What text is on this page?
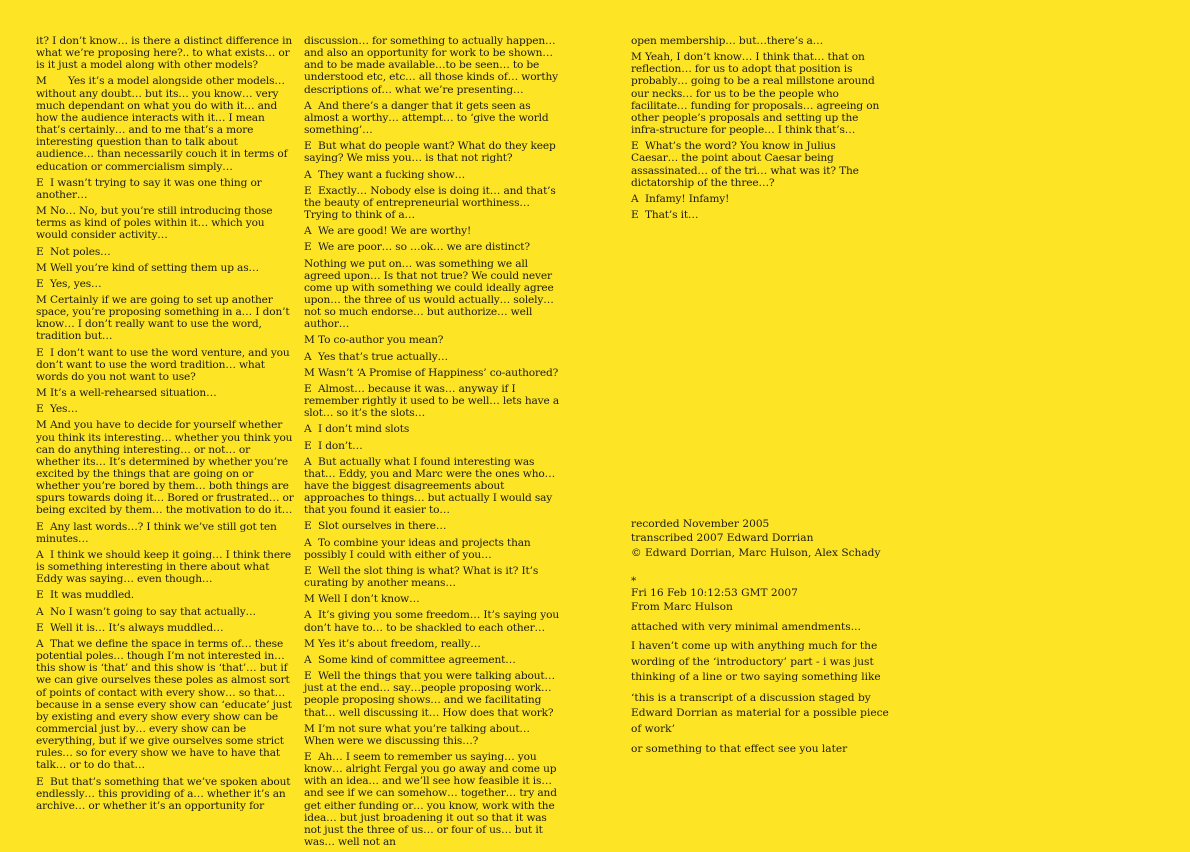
it? I don’t know… is there a distinct difference in what we’re proposing here?.. to what exists… or is it just a model along with other models?
M Yes it’s a model alongside other models… without any doubt… but its… you know… very much dependant on what you do with it… and how the audience interacts with it… I mean that’s certainly… and to me that’s a more interesting question than to talk about audience… than necessarily couch it in terms of education or commercialism simply…
E I wasn’t trying to say it was one thing or another…
M No… No, but you’re still introducing those terms as kind of poles within it… which you would consider activity…
E Not poles…
M Well you’re kind of setting them up as…
E Yes, yes…
M Certainly if we are going to set up another space, you’re proposing something in a… I don’t know… I don’t really want to use the word, tradition but…
E I don’t want to use the word venture, and you don’t want to use the word tradition… what words do you not want to use?
M It’s a well-rehearsed situation…
E Yes…
M And you have to decide for yourself whether you think its interesting… whether you think you can do anything interesting… or not… or whether its… It’s determined by whether you’re excited by the things that are going on or whether you’re bored by them… both things are spurs towards doing it… Bored or frustrated… or being excited by them… the motivation to do it…
E Any last words…? I think we’ve still got ten minutes…
A I think we should keep it going… I think there is something interesting in there about what Eddy was saying… even though…
E It was muddled.
A No I wasn’t going to say that actually…
E Well it is… It’s always muddled…
A That we define the space in terms of… these potential poles… though I’m not interested in… this show is ‘that’ and this show is ‘that’… but if we can give ourselves these poles as almost sort of points of contact with every show… so that… because in a sense every show can ‘educate’ just by existing and every show every show can be commercial just by… every show can be everything, but if we give ourselves some strict rules… so for every show we have to have that talk… or to do that…
E But that’s something that we’ve spoken about endlessly… this providing of a… whether it’s an archive… or whether it’s an opportunity for
discussion… for something to actually happen… and also an opportunity for work to be shown… and to be made available…to be seen… to be understood etc, etc… all those kinds of… worthy descriptions of… what we’re presenting…
A And there’s a danger that it gets seen as almost a worthy… attempt… to ‘give the world something’…
E But what do people want? What do they keep saying? We miss you… is that not right?
A They want a fucking show…
E Exactly… Nobody else is doing it… and that’s the beauty of entrepreneurial worthiness… Trying to think of a…
A We are good! We are worthy!
E We are poor… so …ok… we are distinct?
Nothing we put on… was something we all agreed upon… Is that not true? We could never come up with something we could ideally agree upon… the three of us would actually… solely… not so much endorse… but authorize… well author…
M To co-author you mean?
A Yes that’s true actually…
M Wasn’t ‘A Promise of Happiness’ co-authored?
E Almost… because it was… anyway if I remember rightly it used to be well… lets have a slot… so it’s the slots…
A I don’t mind slots
E I don’t…
A But actually what I found interesting was that… Eddy, you and Marc were the ones who… have the biggest disagreements about approaches to things… but actually I would say that you found it easier to…
E Slot ourselves in there…
A To combine your ideas and projects than possibly I could with either of you…
E Well the slot thing is what? What is it? It’s curating by another means…
M Well I don’t know…
A It’s giving you some freedom… It’s saying you don’t have to… to be shackled to each other…
M Yes it’s about freedom, really…
A Some kind of committee agreement…
E Well the things that you were talking about… just at the end… say…people proposing work… people proposing shows… and we facilitating that… well discussing it… How does that work?
M I’m not sure what you’re talking about… When were we discussing this…?
E Ah… I seem to remember us saying… you know… alright Fergal you go away and come up with an idea… and we’ll see how feasible it is… and see if we can somehow… together… try and get either funding or… you know, work with the idea… but just broadening it out so that it was not just the three of us… or four of us… but it was… well not an
open membership… but…there’s a…
M Yeah, I don’t know… I think that… that on reflection… for us to adopt that position is probably… going to be a real millstone around our necks… for us to be the people who facilitate… funding for proposals… agreeing on other people’s proposals and setting up the infra-structure for people… I think that’s…
E What’s the word? You know in Julius Caesar… the point about Caesar being assassinated… of the tri… what was it? The dictatorship of the three…?
A Infamy! Infamy!
E That’s it…
recorded November 2005
transcribed 2007 Edward Dorrian
© Edward Dorrian, Marc Hulson, Alex Schady
*
Fri 16 Feb 10:12:53 GMT 2007
From Marc Hulson
attached with very minimal amendments...
I haven’t come up with anything much for the wording of the ‘introductory’ part - i was just thinking of a line or two saying something like
‘this is a transcript of a discussion staged by Edward Dorrian as material for a possible piece of work’
or something to that effect see you later
